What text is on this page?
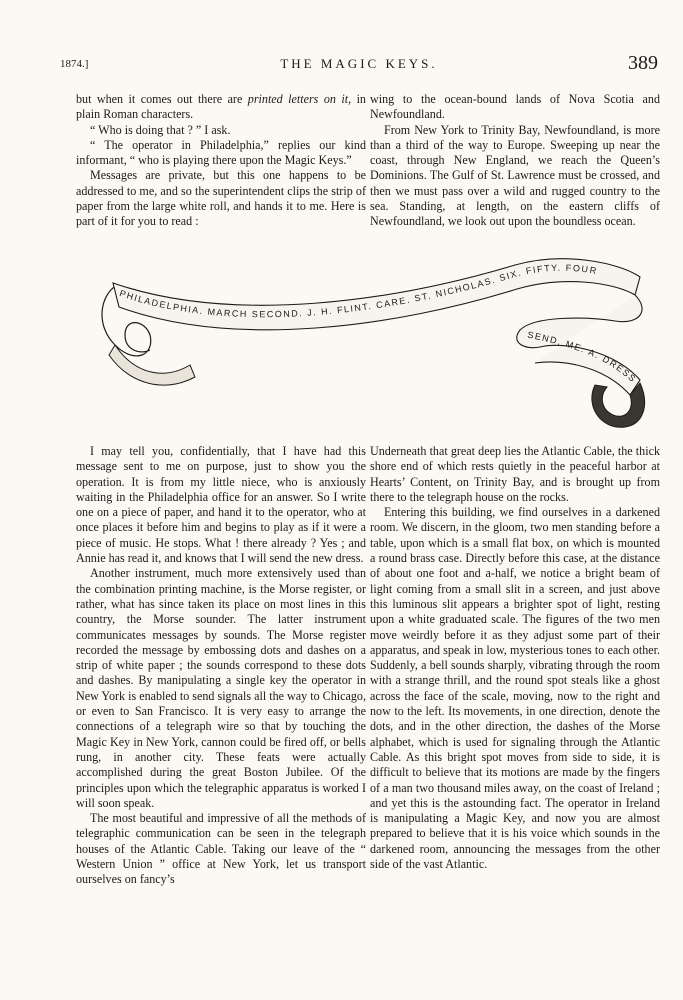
1874.]	THE MAGIC KEYS.	389

but when it comes out there are printed letters on it, in plain Roman characters.

“ Who is doing that ? ” I ask.

“ The operator in Philadelphia,” replies our kind informant, “ who is playing there upon the Magic Keys.”

Messages are private, but this one happens to be addressed to me, and so the superintendent clips the strip of paper from the large white roll, and hands it to me. Here is part of it for you to read :

wing to the ocean-bound lands of Nova Scotia and Newfoundland.

From New York to Trinity Bay, Newfoundland, is more than a third of the way to Europe. Sweeping up near the coast, through New England, we reach the Queen’s Dominions. The Gulf of St. Lawrence must be crossed, and then we must pass over a wild and rugged country to the sea. Standing, at length, on the eastern cliffs of Newfoundland, we look out upon the boundless ocean.

PHILADELPHIA. MARCH SECOND. J. H. FLINT. CARE. ST. NICHOLAS. SIX. FIFTY. FOUR
SEND. ME. A. DRESS

I may tell you, confidentially, that I have had this message sent to me on purpose, just to show you the operation. It is from my little niece, who is anxiously waiting in the Philadelphia office for an answer. So I write one on a piece of paper, and hand it to the operator, who at once places it before him and begins to play as if it were a piece of music. He stops. What ! there already ? Yes ; and Annie has read it, and knows that I will send the new dress.

Another instrument, much more extensively used than the combination printing machine, is the Morse register, or rather, what has since taken its place on most lines in this country, the Morse sounder. The latter instrument communicates messages by sounds. The Morse register recorded the message by embossing dots and dashes on a strip of white paper ; the sounds correspond to these dots and dashes. By manipulating a single key the operator in New York is enabled to send signals all the way to Chicago, or even to San Francisco. It is very easy to arrange the connections of a telegraph wire so that by touching the Magic Key in New York, cannon could be fired off, or bells rung, in another city. These feats were actually accomplished during the great Boston Jubilee. Of the principles upon which the telegraphic apparatus is worked I will soon speak.

The most beautiful and impressive of all the methods of telegraphic communication can be seen in the telegraph houses of the Atlantic Cable. Taking our leave of the “ Western Union ” office at New York, let us transport ourselves on fancy’s

Underneath that great deep lies the Atlantic Cable, the thick shore end of which rests quietly in the peaceful harbor at Hearts’ Content, on Trinity Bay, and is brought up from there to the telegraph house on the rocks.

Entering this building, we find ourselves in a darkened room. We discern, in the gloom, two men standing before a table, upon which is a small flat box, on which is mounted a round brass case. Directly before this case, at the distance of about one foot and a-half, we notice a bright beam of light coming from a small slit in a screen, and just above this luminous slit appears a brighter spot of light, resting upon a white graduated scale. The figures of the two men move weirdly before it as they adjust some part of their apparatus, and speak in low, mysterious tones to each other. Suddenly, a bell sounds sharply, vibrating through the room with a strange thrill, and the round spot steals like a ghost across the face of the scale, moving, now to the right and now to the left. Its movements, in one direction, denote the dots, and in the other direction, the dashes of the Morse alphabet, which is used for signaling through the Atlantic Cable. As this bright spot moves from side to side, it is difficult to believe that its motions are made by the fingers of a man two thousand miles away, on the coast of Ireland ; and yet this is the astounding fact. The operator in Ireland is manipulating a Magic Key, and now you are almost prepared to believe that it is his voice which sounds in the darkened room, announcing the messages from the other side of the vast Atlantic.
